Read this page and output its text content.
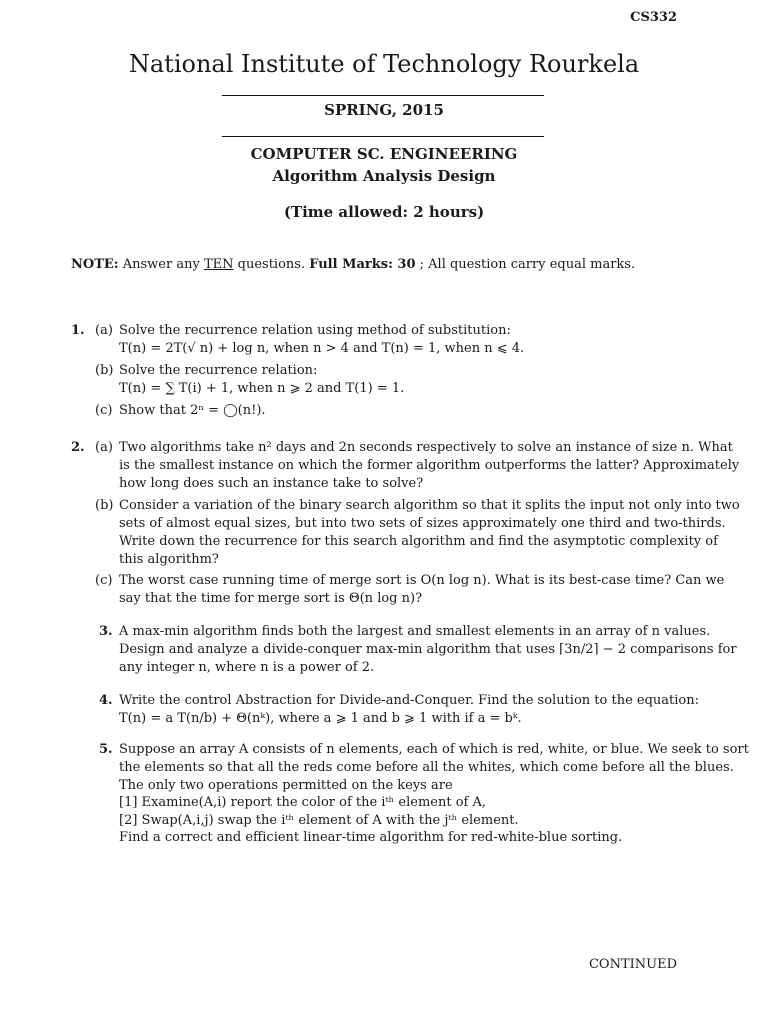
CS332
National Institute of Technology Rourkela
SPRING, 2015
COMPUTER SC. ENGINEERING
Algorithm Analysis Design
(Time allowed: 2 hours)
NOTE: Answer any TEN questions. Full Marks: 30 ; All question carry equal marks.
1. (a) Solve the recurrence relation using method of substitution:
T(n) = 2T(√ n) + log n, when n > 4 and T(n) = 1, when n ⩽ 4.
(b) Solve the recurrence relation:
T(n) = ∑ T(i) + 1, when n ⩾ 2 and T(1) = 1.
(c) Show that 2ⁿ = ◯(n!).
2. (a) Two algorithms take n² days and 2n seconds respectively to solve an instance of size n. What
is the smallest instance on which the former algorithm outperforms the latter? Approximately
how long does such an instance take to solve?
(b) Consider a variation of the binary search algorithm so that it splits the input not only into two
sets of almost equal sizes, but into two sets of sizes approximately one third and two-thirds.
Write down the recurrence for this search algorithm and find the asymptotic complexity of
this algorithm?
(c) The worst case running time of merge sort is O(n log n). What is its best-case time? Can we
say that the time for merge sort is Θ(n log n)?
3. A max-min algorithm finds both the largest and smallest elements in an array of n values.
Design and analyze a divide-conquer max-min algorithm that uses ⌈3n/2⌉ − 2 comparisons for
any integer n, where n is a power of 2.
4. Write the control Abstraction for Divide-and-Conquer. Find the solution to the equation:
T(n) = a T(n/b) + Θ(nᵏ), where a ⩾ 1 and b ⩾ 1 with if a = bᵏ.
5. Suppose an array A consists of n elements, each of which is red, white, or blue. We seek to sort
the elements so that all the reds come before all the whites, which come before all the blues.
The only two operations permitted on the keys are
[1] Examine(A,i) report the color of the iᵗʰ element of A,
[2] Swap(A,i,j) swap the iᵗʰ element of A with the jᵗʰ element.
Find a correct and efficient linear-time algorithm for red-white-blue sorting.
CONTINUED
